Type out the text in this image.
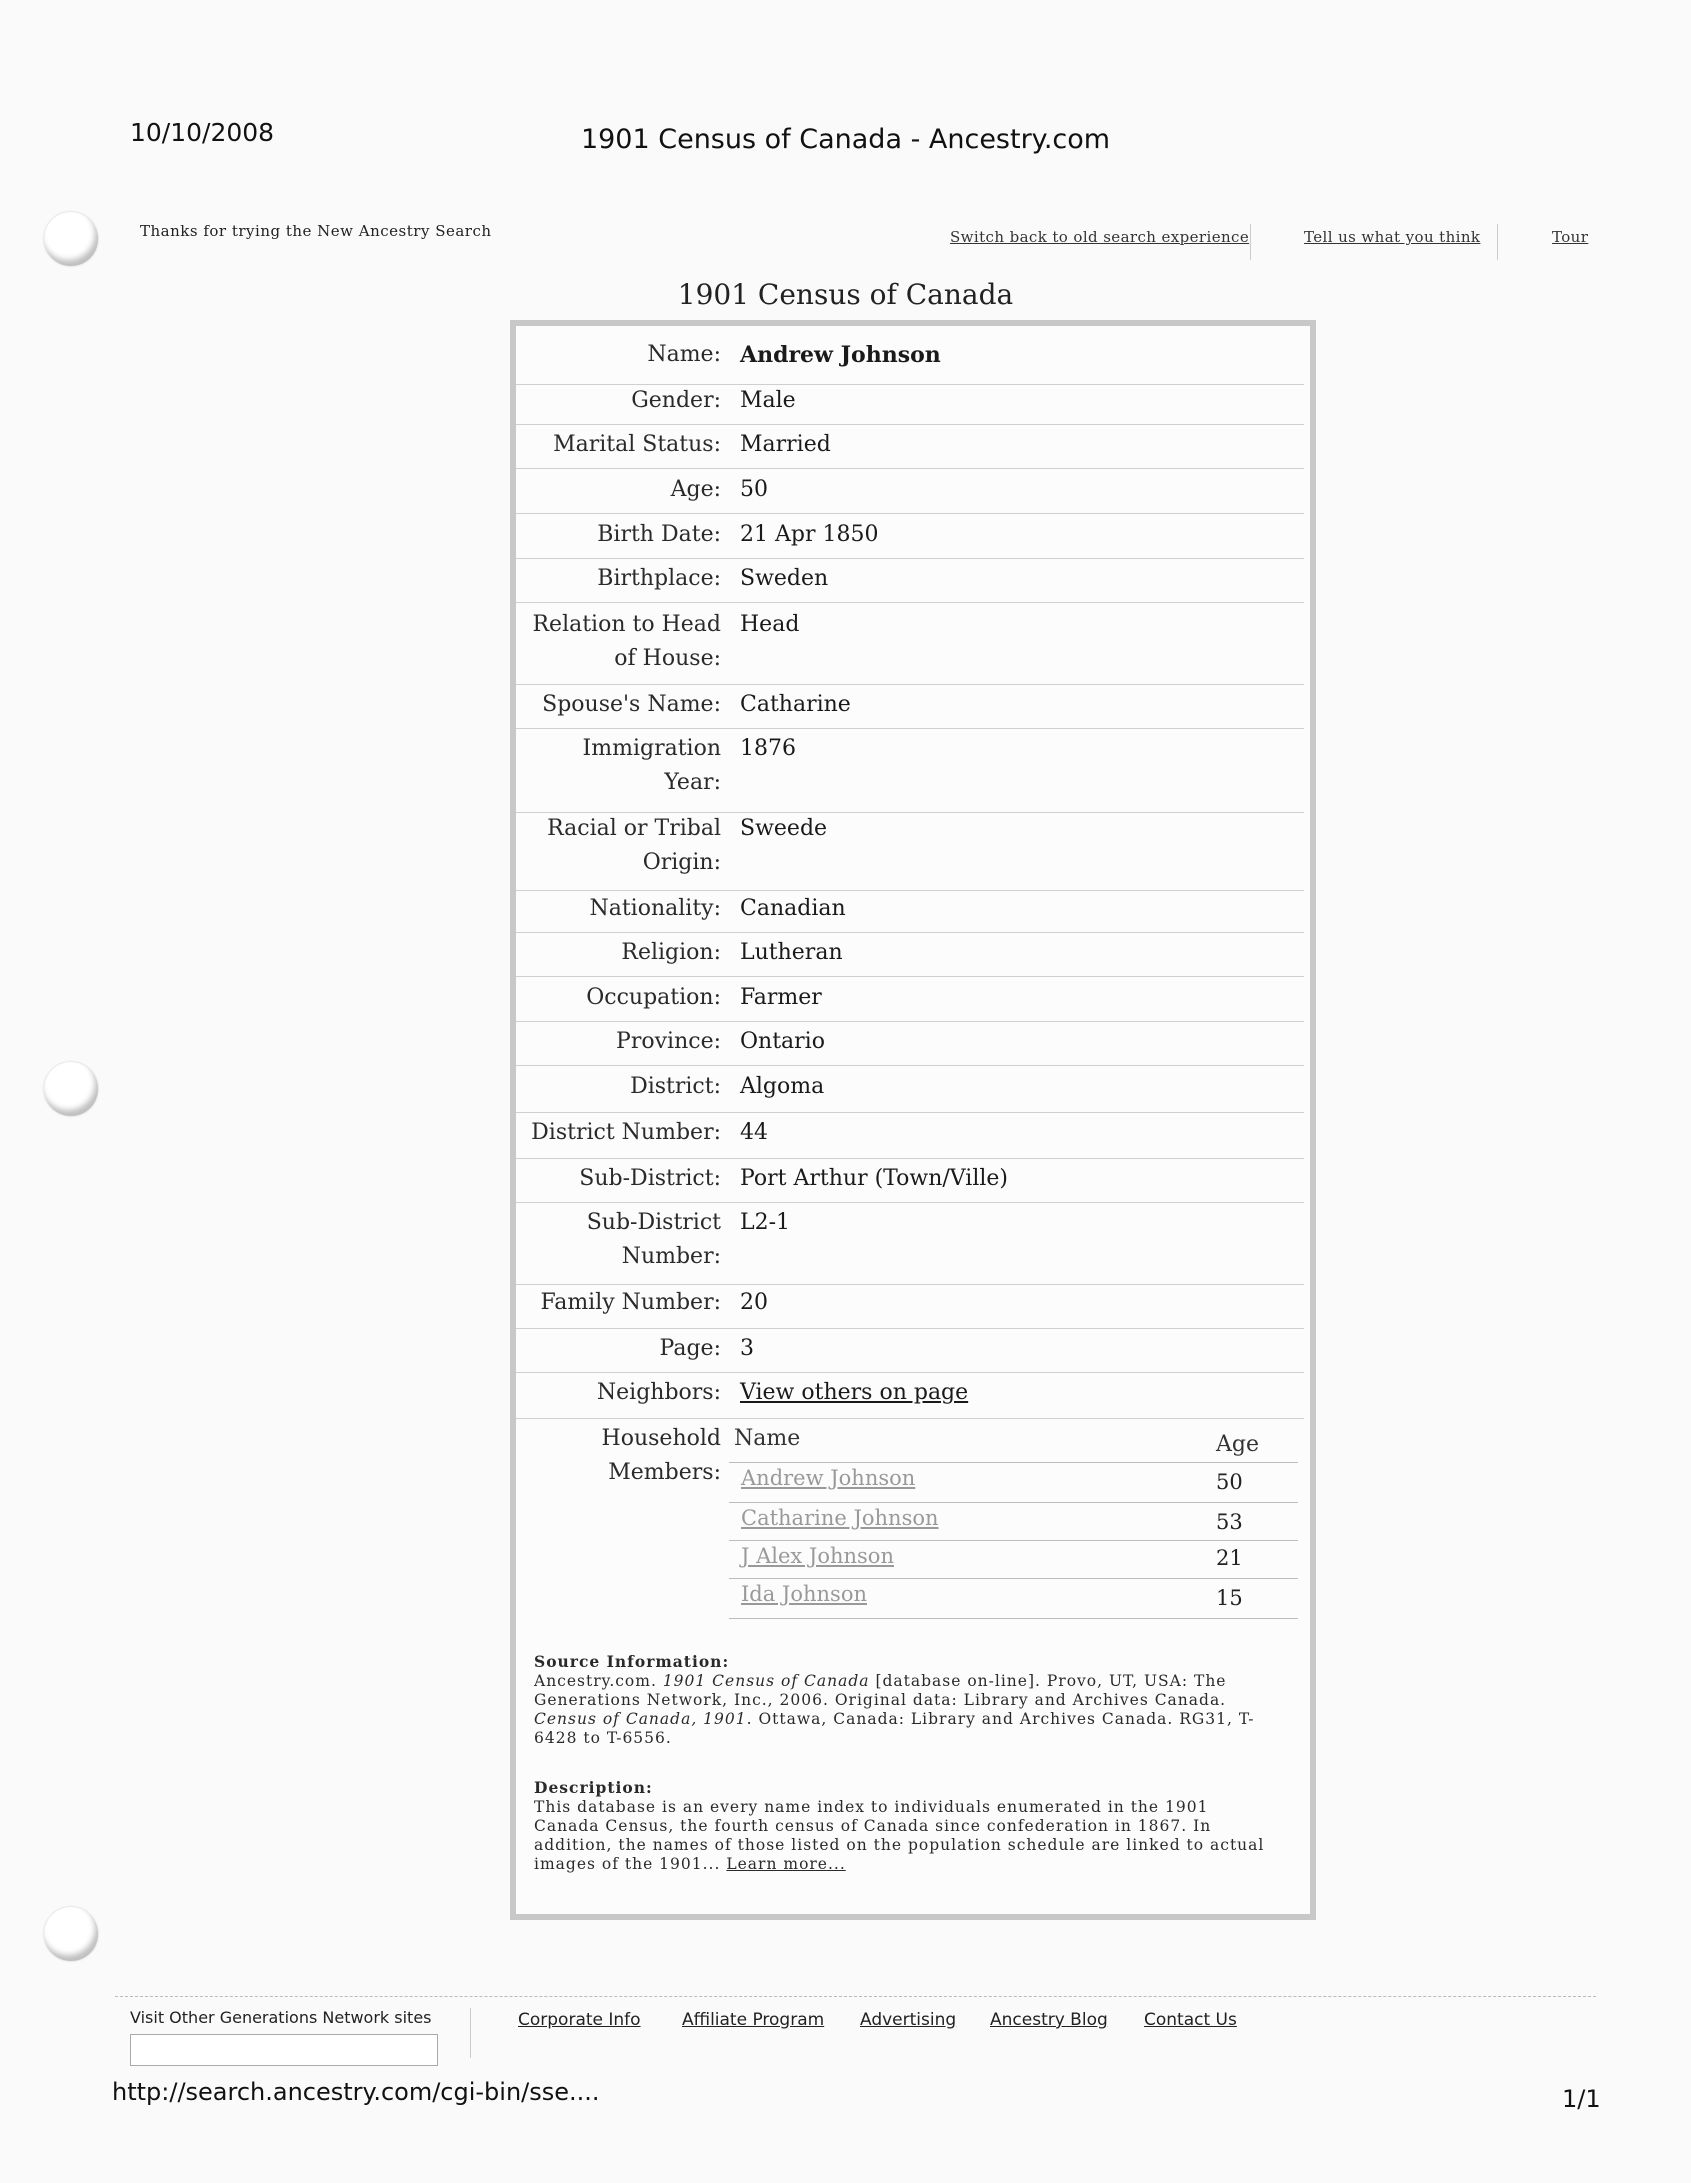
10/10/2008	1901 Census of Canada - Ancestry.com
Thanks for trying the New Ancestry Search	Switch back to old search experience	Tell us what you think	Tour
1901 Census of Canada
Name: Andrew Johnson
Gender: Male
Marital Status: Married
Age: 50
Birth Date: 21 Apr 1850
Birthplace: Sweden
Relation to Head
of House:
Head
Spouse's Name: Catharine
Immigration
Year:
1876
Racial or Tribal
Origin:
Sweede
Nationality: Canadian
Religion: Lutheran
Occupation: Farmer
Province: Ontario
District: Algoma
District Number: 44
Sub-District: Port Arthur (Town/Ville)
Sub-District
Number:
L2-1
Family Number: 20
Page: 3
Neighbors: View others on page
Household
Members:
Name	Age
Andrew Johnson	50
Catharine Johnson	53
J Alex Johnson	21
Ida Johnson	15
Source Information:
Ancestry.com. 1901 Census of Canada [database on-line]. Provo, UT, USA: The Generations Network, Inc., 2006. Original data: Library and Archives Canada. Census of Canada, 1901. Ottawa, Canada: Library and Archives Canada. RG31, T-6428 to T-6556.
Description:
This database is an every name index to individuals enumerated in the 1901 Canada Census, the fourth census of Canada since confederation in 1867. In addition, the names of those listed on the population schedule are linked to actual images of the 1901... Learn more...
Visit Other Generations Network sites	Corporate Info Affiliate Program Advertising Ancestry Blog Contact Us
http://search.ancestry.com/cgi-bin/sse....	1/1
